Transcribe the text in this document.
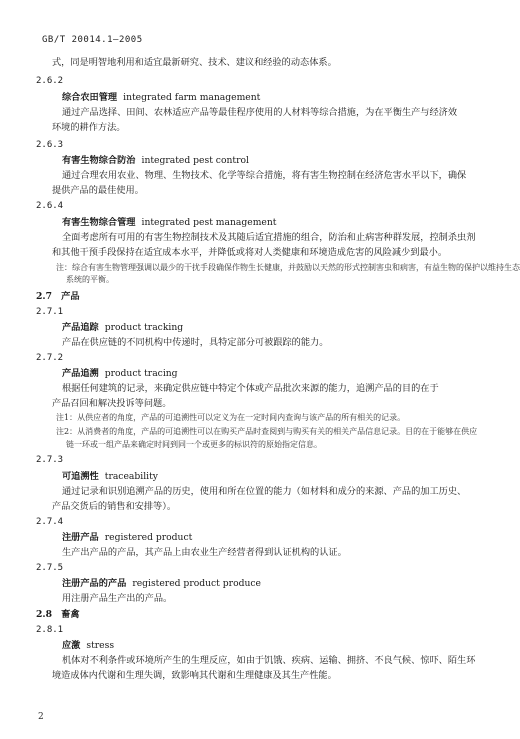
GB/T 20014.1—2005
式，同是明智地利用和适宜最新研究、技术、建议和经验的动态体系。
2.6.2
综合农田管理 integrated farm management
通过产品选择、田间、农林适应产品等最佳程序使用的人材料等综合措施，为在平衡生产与经济效
环境的耕作方法。
2.6.3
有害生物综合防治 integrated pest control
通过合理农用农业、物理、生物技术、化学等综合措施，将有害生物控制在经济危害水平以下，确保
提供产品的最佳使用。
2.6.4
有害生物综合管理 integrated pest management
全面考虑所有可用的有害生物控制技术及其随后适宜措施的组合，防治和止病害种群发展，控制杀虫剂
和其他干预手段保持在适宜成本水平，并降低或将对人类健康和环境造成危害的风险减少到最小。
注：综合有害生物管理强调以最少的干扰手段确保作物生长健康，并鼓励以天然的形式控制害虫和病害，有益生物的保护以维持生态
系统的平衡。
2.7　产品
2.7.1
产品追踪 product tracking
产品在供应链的不同机构中传递时，具特定部分可被跟踪的能力。
2.7.2
产品追溯 product tracing
根据任何建筑的记录，来确定供应链中特定个体或产品批次来源的能力，追溯产品的目的在于
产品召回和解决投诉等问题。
注1：从供应者的角度，产品的可追溯性可以定义为在一定时间内查询与该产品的所有相关的记录。
注2：从消费者的角度，产品的可追溯性可以在购买产品时查阅到与购买有关的相关产品信息记录。目的在于能够在供应
链一环或一组产品来确定时间到同一个或更多的标识符的原始指定信息。
2.7.3
可追溯性 traceability
通过记录和识别追溯产品的历史，使用和所在位置的能力（如材料和成分的来源、产品的加工历史、
产品交货后的销售和安排等）。
2.7.4
注册产品 registered product
生产出产品的产品，其产品上由农业生产经营者得到认证机构的认证。
2.7.5
注册产品的产品 registered product produce
用注册产品生产出的产品。
2.8　畜禽
2.8.1
应激 stress
机体对不利条件或环境所产生的生理反应，如由于饥饿、疾病、运输、拥挤、不良气候、惊吓、陌生环
境造成体内代谢和生理失调，致影响其代谢和生理健康及其生产性能。
2
